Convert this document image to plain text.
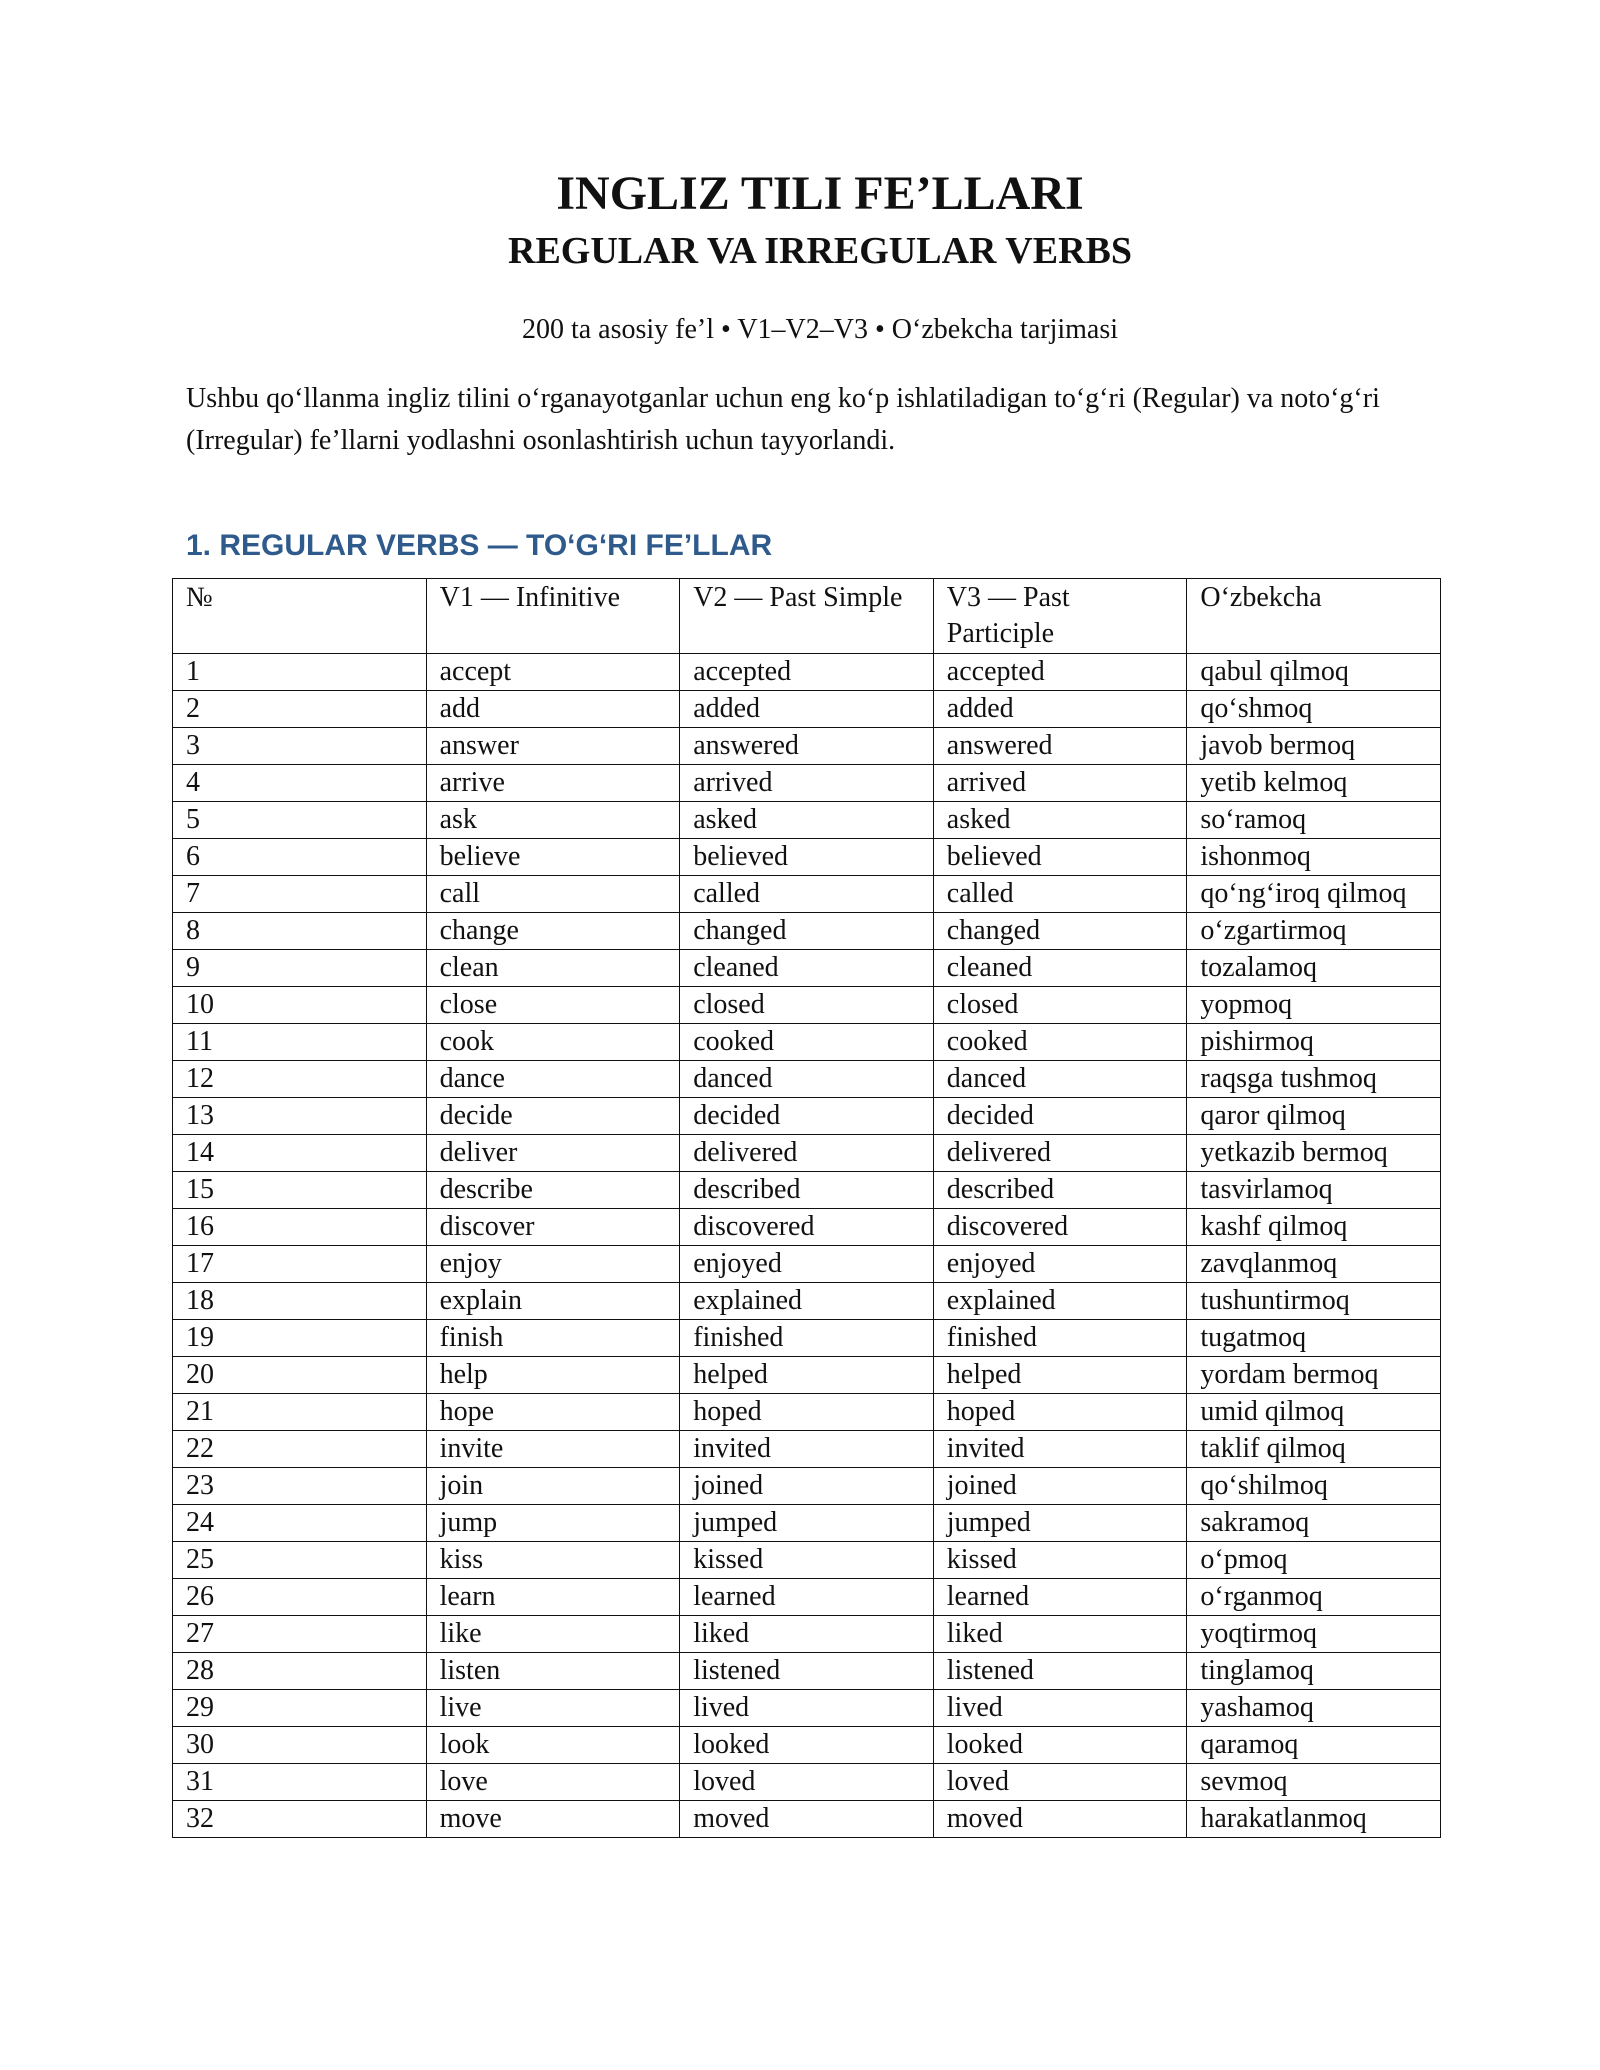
INGLIZ TILI FE’LLARI
REGULAR VA IRREGULAR VERBS

200 ta asosiy fe’l • V1–V2–V3 • O‘zbekcha tarjimasi

Ushbu qo‘llanma ingliz tilini o‘rganayotganlar uchun eng ko‘p ishlatiladigan to‘g‘ri (Regular) va noto‘g‘ri (Irregular) fe’llarni yodlashni osonlashtirish uchun tayyorlandi.

1. REGULAR VERBS — TO‘G‘RI FE’LLAR
№	V1 — Infinitive	V2 — Past Simple	V3 — Past Participle	O‘zbekcha
1	accept	accepted	accepted	qabul qilmoq
2	add	added	added	qo‘shmoq
3	answer	answered	answered	javob bermoq
4	arrive	arrived	arrived	yetib kelmoq
5	ask	asked	asked	so‘ramoq
6	believe	believed	believed	ishonmoq
7	call	called	called	qo‘ng‘iroq qilmoq
8	change	changed	changed	o‘zgartirmoq
9	clean	cleaned	cleaned	tozalamoq
10	close	closed	closed	yopmoq
11	cook	cooked	cooked	pishirmoq
12	dance	danced	danced	raqsga tushmoq
13	decide	decided	decided	qaror qilmoq
14	deliver	delivered	delivered	yetkazib bermoq
15	describe	described	described	tasvirlamoq
16	discover	discovered	discovered	kashf qilmoq
17	enjoy	enjoyed	enjoyed	zavqlanmoq
18	explain	explained	explained	tushuntirmoq
19	finish	finished	finished	tugatmoq
20	help	helped	helped	yordam bermoq
21	hope	hoped	hoped	umid qilmoq
22	invite	invited	invited	taklif qilmoq
23	join	joined	joined	qo‘shilmoq
24	jump	jumped	jumped	sakramoq
25	kiss	kissed	kissed	o‘pmoq
26	learn	learned	learned	o‘rganmoq
27	like	liked	liked	yoqtirmoq
28	listen	listened	listened	tinglamoq
29	live	lived	lived	yashamoq
30	look	looked	looked	qaramoq
31	love	loved	loved	sevmoq
32	move	moved	moved	harakatlanmoq
